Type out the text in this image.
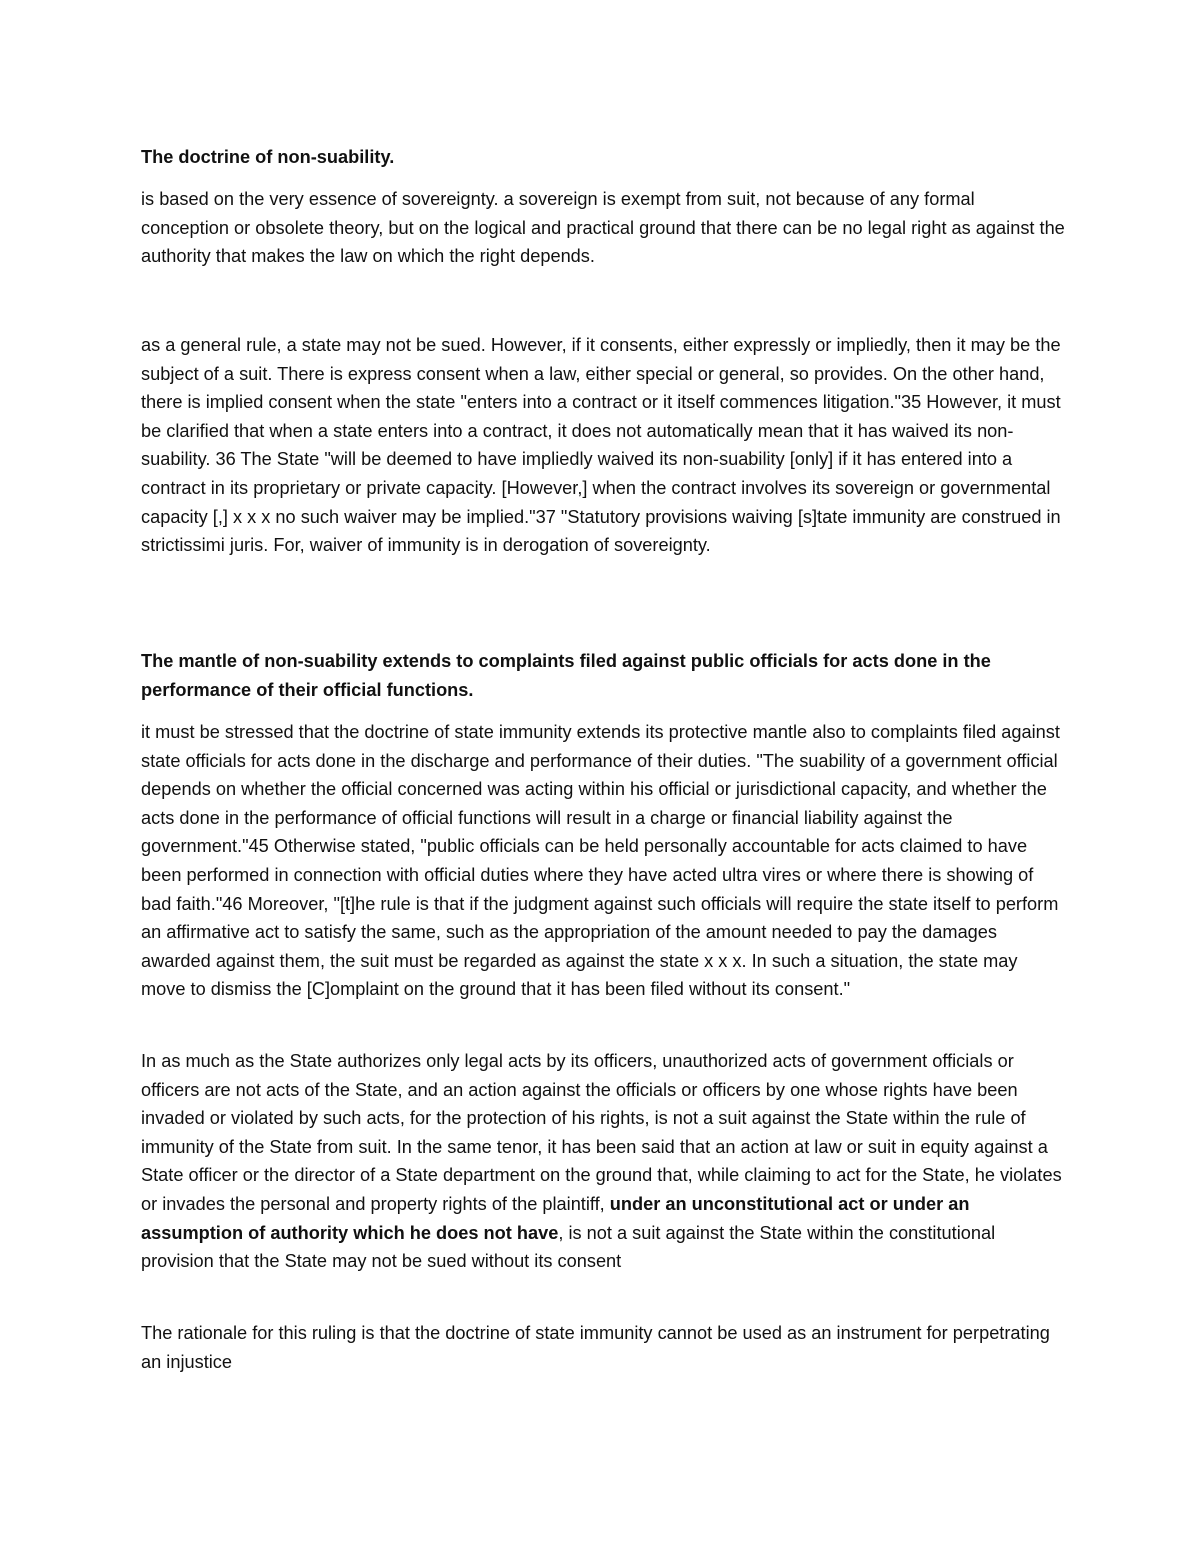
The doctrine of non-suability.

is based on the very essence of sovereignty. a sovereign is exempt from suit, not because of any formal conception or obsolete theory, but on the logical and practical ground that there can be no legal right as against the authority that makes the law on which the right depends.

as a general rule, a state may not be sued. However, if it consents, either expressly or impliedly, then it may be the subject of a suit. There is express consent when a law, either special or general, so provides. On the other hand, there is implied consent when the state "enters into a contract or it itself commences litigation."35 However, it must be clarified that when a state enters into a contract, it does not automatically mean that it has waived its non-suability. 36 The State "will be deemed to have impliedly waived its non-suability [only] if it has entered into a contract in its proprietary or private capacity. [However,] when the contract involves its sovereign or governmental capacity [,] x x x no such waiver may be implied."37 "Statutory provisions waiving [s]tate immunity are construed in strictissimi juris. For, waiver of immunity is in derogation of sovereignty.

The mantle of non-suability extends to complaints filed against public officials for acts done in the performance of their official functions.

it must be stressed that the doctrine of state immunity extends its protective mantle also to complaints filed against state officials for acts done in the discharge and performance of their duties. "The suability of a government official depends on whether the official concerned was acting within his official or jurisdictional capacity, and whether the acts done in the performance of official functions will result in a charge or financial liability against the government."45 Otherwise stated, "public officials can be held personally accountable for acts claimed to have been performed in connection with official duties where they have acted ultra vires or where there is showing of bad faith."46 Moreover, "[t]he rule is that if the judgment against such officials will require the state itself to perform an affirmative act to satisfy the same, such as the appropriation of the amount needed to pay the damages awarded against them, the suit must be regarded as against the state x x x. In such a situation, the state may move to dismiss the [C]omplaint on the ground that it has been filed without its consent."

In as much as the State authorizes only legal acts by its officers, unauthorized acts of government officials or officers are not acts of the State, and an action against the officials or officers by one whose rights have been invaded or violated by such acts, for the protection of his rights, is not a suit against the State within the rule of immunity of the State from suit. In the same tenor, it has been said that an action at law or suit in equity against a State officer or the director of a State department on the ground that, while claiming to act for the State, he violates or invades the personal and property rights of the plaintiff, under an unconstitutional act or under an assumption of authority which he does not have, is not a suit against the State within the constitutional provision that the State may not be sued without its consent

The rationale for this ruling is that the doctrine of state immunity cannot be used as an instrument for perpetrating an injustice
